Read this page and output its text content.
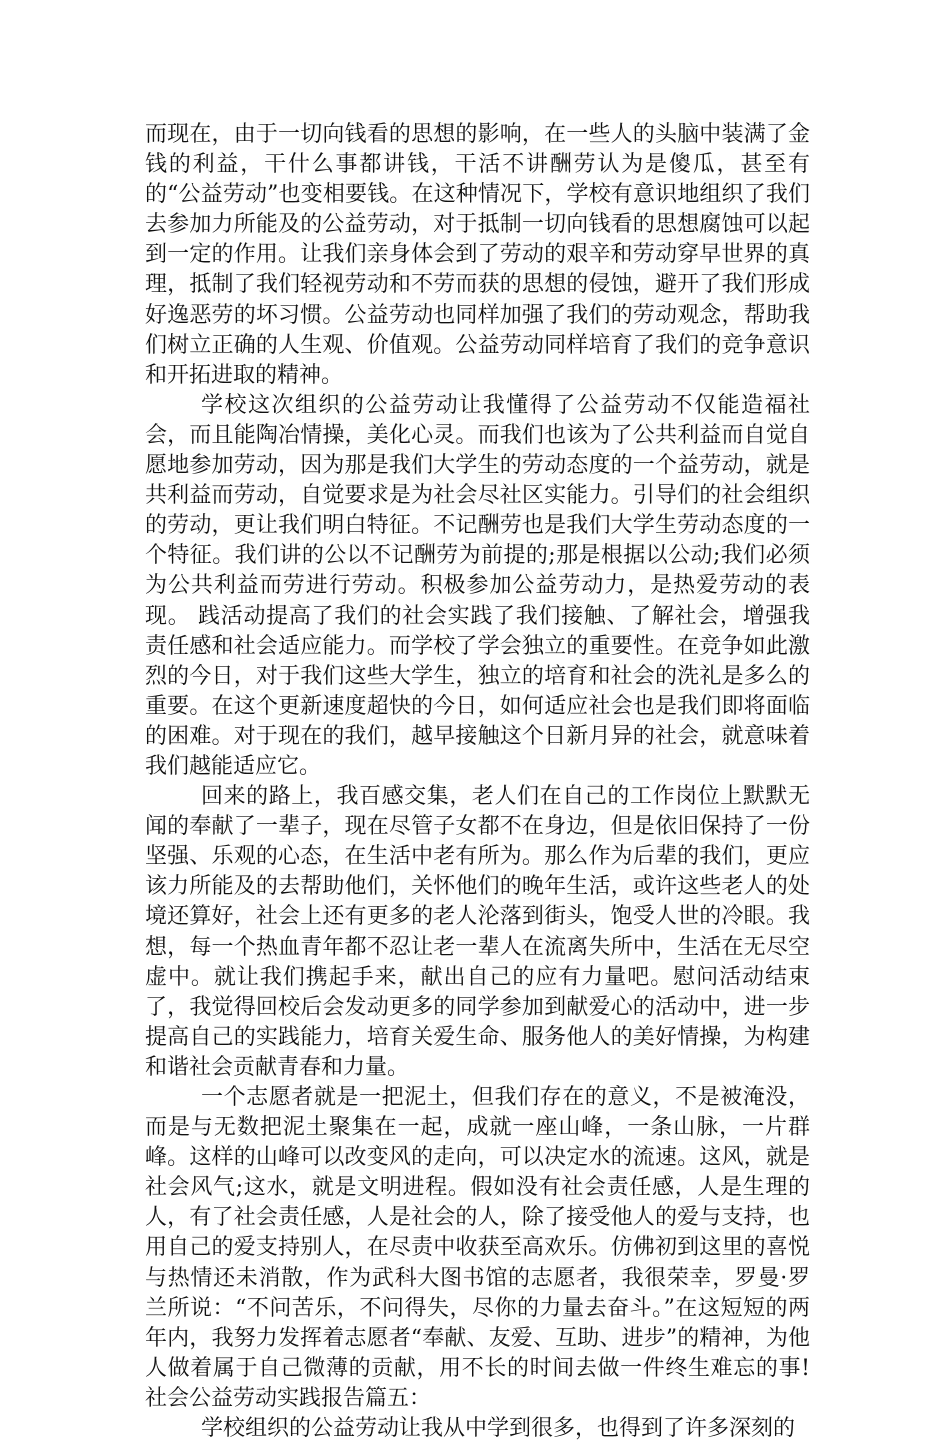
而现在，由于一切向钱看的思想的影响，在一些人的头脑中装满了金钱的利益，干什么事都讲钱，干活不讲酬劳认为是傻瓜，甚至有的“公益劳动”也变相要钱。在这种情况下，学校有意识地组织了我们去参加力所能及的公益劳动，对于抵制一切向钱看的思想腐蚀可以起到一定的作用。让我们亲身体会到了劳动的艰辛和劳动穿早世界的真理，抵制了我们轻视劳动和不劳而获的思想的侵蚀，避开了我们形成好逸恶劳的坏习惯。公益劳动也同样加强了我们的劳动观念，帮助我们树立正确的人生观、价值观。公益劳动同样培育了我们的竞争意识和开拓进取的精神。

学校这次组织的公益劳动让我懂得了公益劳动不仅能造福社会，而且能陶冶情操，美化心灵。而我们也该为了公共利益而自觉自愿地参加劳动，因为那是我们大学生的劳动态度的一个益劳动，就是共利益而劳动，自觉要求是为社会尽社区实能力。引导们的社会组织的劳动，更让我们明白特征。不记酬劳也是我们大学生劳动态度的一个特征。我们讲的公以不记酬劳为前提的;那是根据以公动;我们必须为公共利益而劳进行劳动。积极参加公益劳动力，是热爱劳动的表现。 践活动提高了我们的社会实践了我们接触、了解社会，增强我责任感和社会适应能力。而学校了学会独立的重要性。在竞争如此激烈的今日，对于我们这些大学生，独立的培育和社会的洗礼是多么的重要。在这个更新速度超快的今日，如何适应社会也是我们即将面临的困难。对于现在的我们，越早接触这个日新月异的社会，就意味着我们越能适应它。

回来的路上，我百感交集，老人们在自己的工作岗位上默默无闻的奉献了一辈子，现在尽管子女都不在身边，但是依旧保持了一份坚强、乐观的心态，在生活中老有所为。那么作为后辈的我们，更应该力所能及的去帮助他们，关怀他们的晚年生活，或许这些老人的处境还算好，社会上还有更多的老人沦落到街头，饱受人世的冷眼。我想，每一个热血青年都不忍让老一辈人在流离失所中，生活在无尽空虚中。就让我们携起手来，献出自己的应有力量吧。慰问活动结束了，我觉得回校后会发动更多的同学参加到献爱心的活动中，进一步提高自己的实践能力，培育关爱生命、服务他人的美好情操，为构建和谐社会贡献青春和力量。

一个志愿者就是一把泥土，但我们存在的意义，不是被淹没，而是与无数把泥土聚集在一起，成就一座山峰，一条山脉，一片群峰。这样的山峰可以改变风的走向，可以决定水的流速。这风，就是社会风气;这水，就是文明进程。假如没有社会责任感，人是生理的人，有了社会责任感，人是社会的人，除了接受他人的爱与支持，也用自己的爱支持别人，在尽责中收获至高欢乐。仿佛初到这里的喜悦与热情还未消散，作为武科大图书馆的志愿者，我很荣幸，罗曼·罗兰所说：“不问苦乐，不问得失，尽你的力量去奋斗。”在这短短的两年内，我努力发挥着志愿者“奉献、友爱、互助、进步”的精神，为他人做着属于自己微薄的贡献，用不长的时间去做一件终生难忘的事! 社会公益劳动实践报告篇五：

学校组织的公益劳动让我从中学到很多，也得到了许多深刻的
